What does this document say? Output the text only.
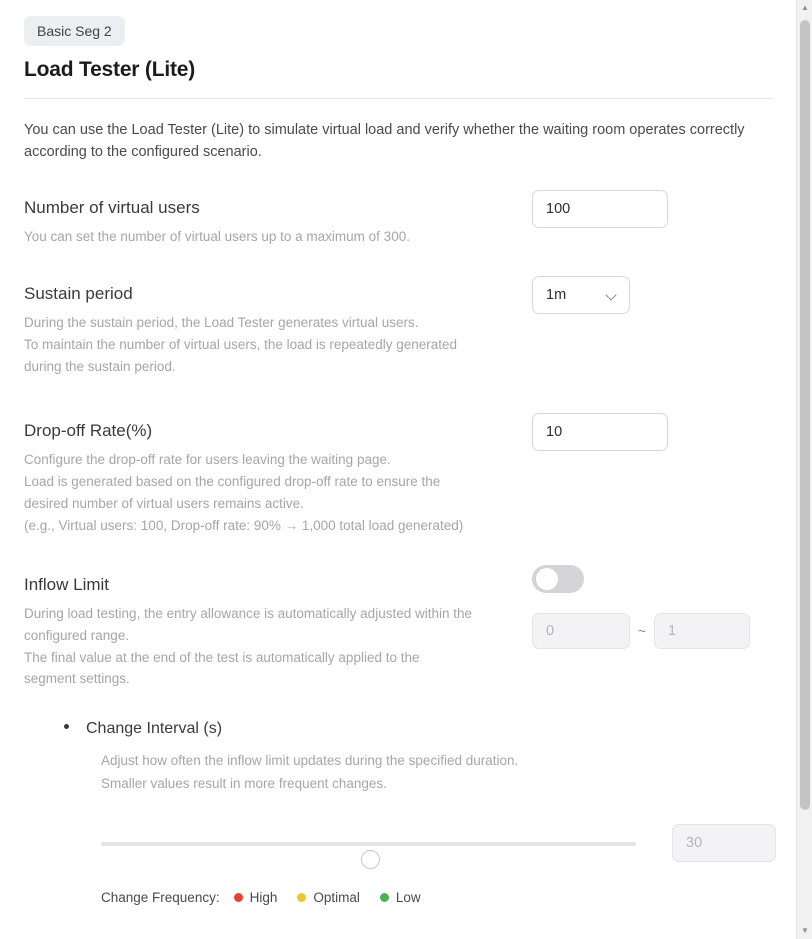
Basic Seg 2
Load Tester (Lite)
You can use the Load Tester (Lite) to simulate virtual load and verify whether the waiting room operates correctly according to the configured scenario.
Number of virtual users
You can set the number of virtual users up to a maximum of 300.
100
Sustain period
During the sustain period, the Load Tester generates virtual users.
To maintain the number of virtual users, the load is repeatedly generated
during the sustain period.
1m
Drop-off Rate(%)
Configure the drop-off rate for users leaving the waiting page.
Load is generated based on the configured drop-off rate to ensure the
desired number of virtual users remains active.
(e.g., Virtual users: 100, Drop-off rate: 90% → 1,000 total load generated)
10
Inflow Limit
During load testing, the entry allowance is automatically adjusted within the
configured range.
The final value at the end of the test is automatically applied to the
segment settings.
0	~	1
Change Interval (s)
Adjust how often the inflow limit updates during the specified duration.
Smaller values result in more frequent changes.
30
Change Frequency: High	Optimal	Low
▲
▼
